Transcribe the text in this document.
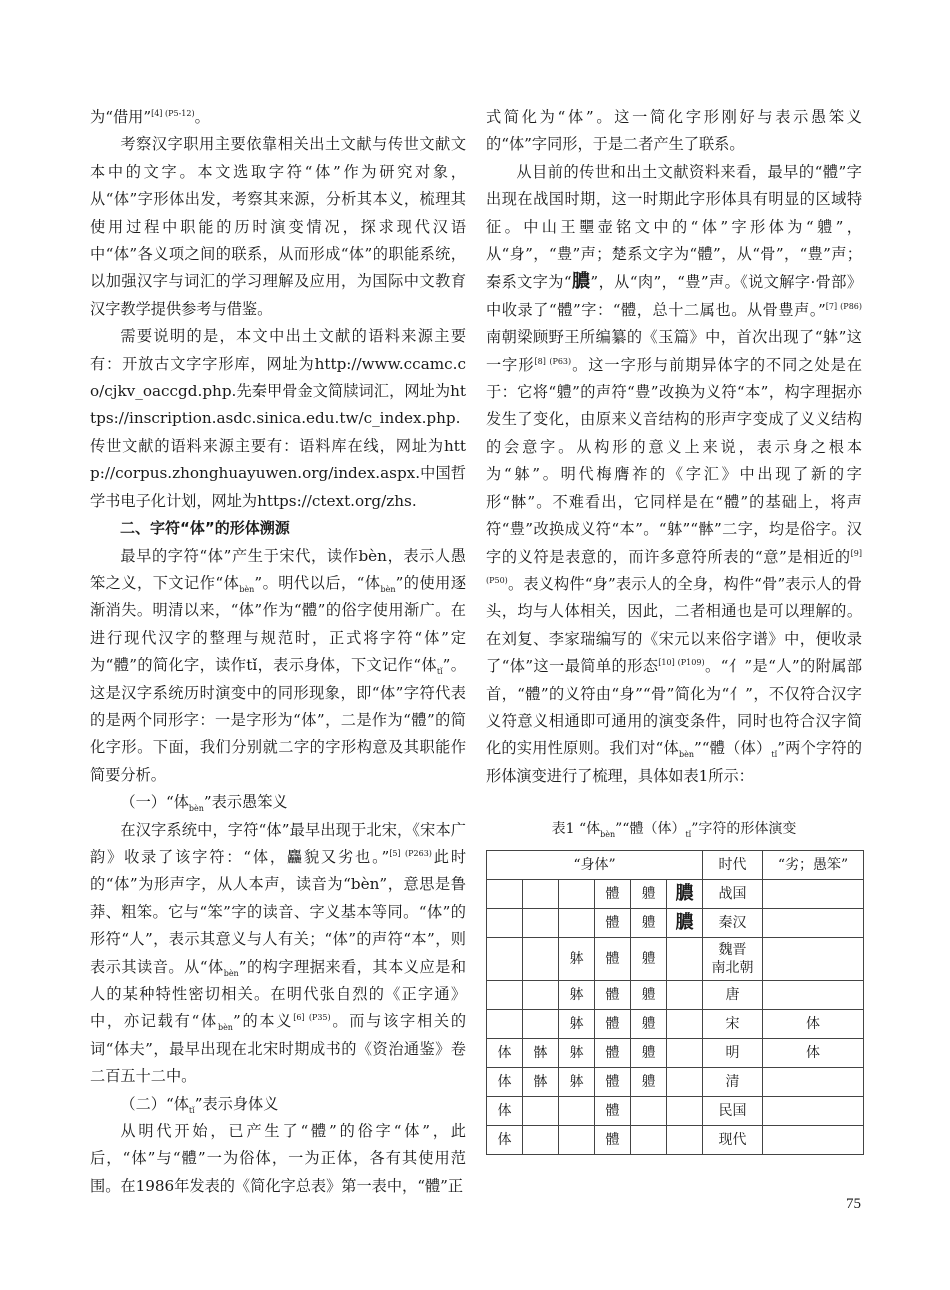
为“借用”$^{[4] (P5-12)}$。

考察汉字职用主要依靠相关出土文献与传世文献文本中的文字。本文选取字符“体”作为研究对象，从“体”字形体出发，考察其来源，分析其本义，梳理其使用过程中职能的历时演变情况，探求现代汉语中“体”各义项之间的联系，从而形成“体”的职能系统，以加强汉字与词汇的学习理解及应用，为国际中文教育汉字教学提供参考与借鉴。

需要说明的是，本文中出土文献的语料来源主要有：开放古文字字形库，网址为http://www.ccamc.co/cjkv_oaccgd.php.先秦甲骨金文简牍词汇，网址为https://inscription.asdc.sinica.edu.tw/c_index.php.传世文献的语料来源主要有：语料库在线，网址为http://corpus.zhonghuayuwen.org/index.aspx.中国哲学书电子化计划，网址为https://ctext.org/zhs.

二、字符“体”的形体溯源

最早的字符“体”产生于宋代，读作bèn，表示人愚笨之义，下文记作“体$_{bèn}$”。明代以后，“体$_{bèn}$”的使用逐渐消失。明清以来，“体”作为“體”的俗字使用渐广。在进行现代汉字的整理与规范时，正式将字符“体”定为“體”的简化字，读作tǐ，表示身体，下文记作“体$_{tǐ}$”。这是汉字系统历时演变中的同形现象，即“体”字符代表的是两个同形字：一是字形为“体”，二是作为“體”的简化字形。下面，我们分别就二字的字形构意及其职能作简要分析。

（一）“体$_{bèn}$”表示愚笨义

在汉字系统中，字符“体”最早出现于北宋，《宋本广韵》收录了该字符：“体，麤貌又劣也。”$^{[5] (P263)}$此时的“体”为形声字，从人本声，读音为“bèn”，意思是鲁莽、粗笨。它与“笨”字的读音、字义基本等同。“体”的形符“人”，表示其意义与人有关；“体”的声符“本”，则表示其读音。从“体$_{bèn}$”的构字理据来看，其本义应是和人的某种特性密切相关。在明代张自烈的《正字通》中，亦记载有“体$_{bèn}$”的本义$^{[6] (P35)}$。而与该字相关的词“体夫”，最早出现在北宋时期成书的《资治通鉴》卷二百五十二中。

（二）“体$_{tǐ}$”表示身体义

从明代开始，已产生了“體”的俗字“体”，此后，“体”与“體”一为俗体，一为正体，各有其使用范围。在1986年发表的《简化字总表》第一表中，“體”正

式简化为“体”。这一简化字形刚好与表示愚笨义的“体”字同形，于是二者产生了联系。

从目前的传世和出土文献资料来看，最早的“體”字出现在战国时期，这一时期此字形体具有明显的区域特征。中山王壨壶铭文中的“体”字形体为“軆”，从“身”，“豊”声；楚系文字为“體”，从“骨”，“豊”声；秦系文字为“膿”，从“肉”，“豊”声。《说文解字·骨部》中收录了“體”字：“體，总十二属也。从骨豊声。”$^{[7] (P86)}$南朝梁顾野王所编纂的《玉篇》中，首次出现了“躰”这一字形$^{[8] (P63)}$。这一字形与前期异体字的不同之处是在于：它将“軆”的声符“豊”改换为义符“本”，构字理据亦发生了变化，由原来义音结构的形声字变成了义义结构的会意字。从构形的意义上来说，表示身之根本为“躰”。明代梅膺祚的《字汇》中出现了新的字形“骵”。不难看出，它同样是在“體”的基础上，将声符“豊”改换成义符“本”。“躰”“骵”二字，均是俗字。汉字的义符是表意的，而许多意符所表的“意”是相近的$^{[9] (P50)}$。表义构件“身”表示人的全身，构件“骨”表示人的骨头，均与人体相关，因此，二者相通也是可以理解的。在刘复、李家瑞编写的《宋元以来俗字谱》中，便收录了“体”这一最简单的形态$^{[10] (P109)}$。“亻”是“人”的附属部首，“體”的义符由“身”“骨”简化为“亻”，不仅符合汉字义符意义相通即可通用的演变条件，同时也符合汉字简化的实用性原则。我们对“体$_{bèn}$”“體（体）$_{tǐ}$”两个字符的形体演变进行了梳理，具体如表1所示：

表1 “体$_{bèn}$”“體（体）$_{tǐ}$”字符的形体演变
“身体”						时代	“劣；愚笨”
			體	軆	膿	战国	
			體	軆	膿	秦汉	
		躰	體	軆		魏晋
南北朝	
		躰	體	軆		唐	
		躰	體	軆		宋	体
体	骵	躰	體	軆		明	体
体	骵	躰	體	軆		清	
体			體			民国	
体			體			现代	
75
